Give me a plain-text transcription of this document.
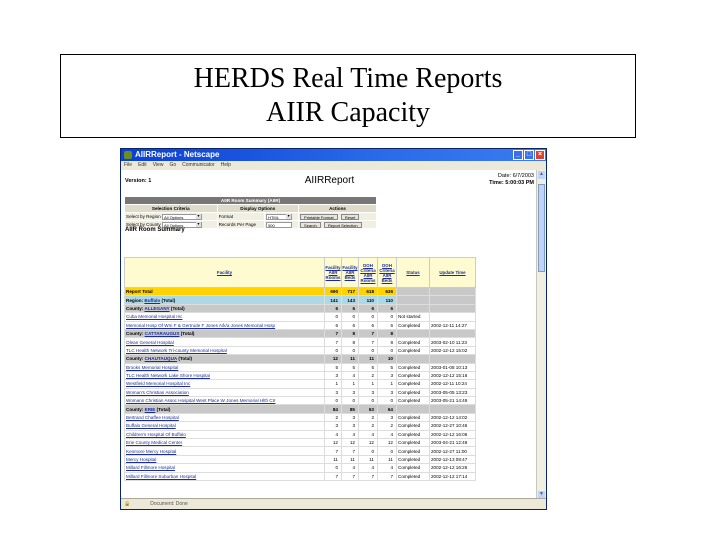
HERDS Real Time Reports
AIIR Capacity
AIIRReport - Netscape	_ □ ×
File Edit View Go Communicator Help
Version: 1	AIIRReport	Date: 6/7/2003
Time: 5:00:03 PM
AIIR Room Summary (AIIR)			
Selection Criteria	Display Options		Actions
Select by Region All Options ▼	Format	HTML ▼	Printable Format Reset
Select by County All Options ▼	Records Per Page	500	Search Report Selection
AIIR Room Summary
Facility	Facility AIIR Rooms	Facility AIIR Beds	DOH Criteria AIIR Rooms	DOH Criteria AIIR Beds	Status	Update Time
Report Total	690	717	618	636		
Region: Buffalo (Total)	141	143	110	110		
County: ALLEGANY (Total)	6	6	6	6		
Cuba Memorial Hospital Inc	0	0	0	0	Not started	
Memorial Hosp Of Wm F & Gertrude F Jones A/k/a Jones Memorial Hosp	6	6	6	6	Completed	2002-12-11 14:27
County: CATTARAUGUS (Total)	7	8	7	8		
Olean General Hospital	7	8	7	8	Completed	2003-02-10 11:23
TLC Health Network Tri-county Memorial Hospital	0	0	0	0	Completed	2002-12-12 15:02
County: CHAUTAUQUA (Total)	12	11	11	10		
Brooks Memorial Hospital	5	5	5	5	Completed	2003-01-08 10:13
TLC Health Network Lake Shore Hospital	3	4	2	3	Completed	2002-12-12 15:16
Westfield Memorial Hospital Inc	1	1	1	1	Completed	2002-12-11 10:24
Woman's Christian Association	3	3	3	3	Completed	2003-05-05 13:23
Womans Christian Assoc Hospital West Place W Jones Memorial Hlth Ctr	0	0	0	0	Completed	2003-05-21 14:49
County: ERIE (Total)	84	85	63	64		
Bertrand Chaffee Hospital	2	3	2	3	Completed	2002-12-12 14:02
Buffalo General Hospital	3	3	2	2	Completed	2002-12-27 10:46
Children's Hospital Of Buffalo	4	4	4	4	Completed	2002-12-12 16:06
Erie County Medical Center	12	12	12	12	Completed	2003-04-21 12:49
Kenmore Mercy Hospital	7	7	0	0	Completed	2002-12-27 11:00
Mercy Hospital	11	11	11	11	Completed	2002-12-13 08:47
Millard Fillmore Hospital	0	4	4	4	Completed	2002-12-12 16:26
Millard Fillmore Suburban Hospital	7	7	7	7	Completed	2002-12-12 17:14
▲
▼
🔒	Document: Done
